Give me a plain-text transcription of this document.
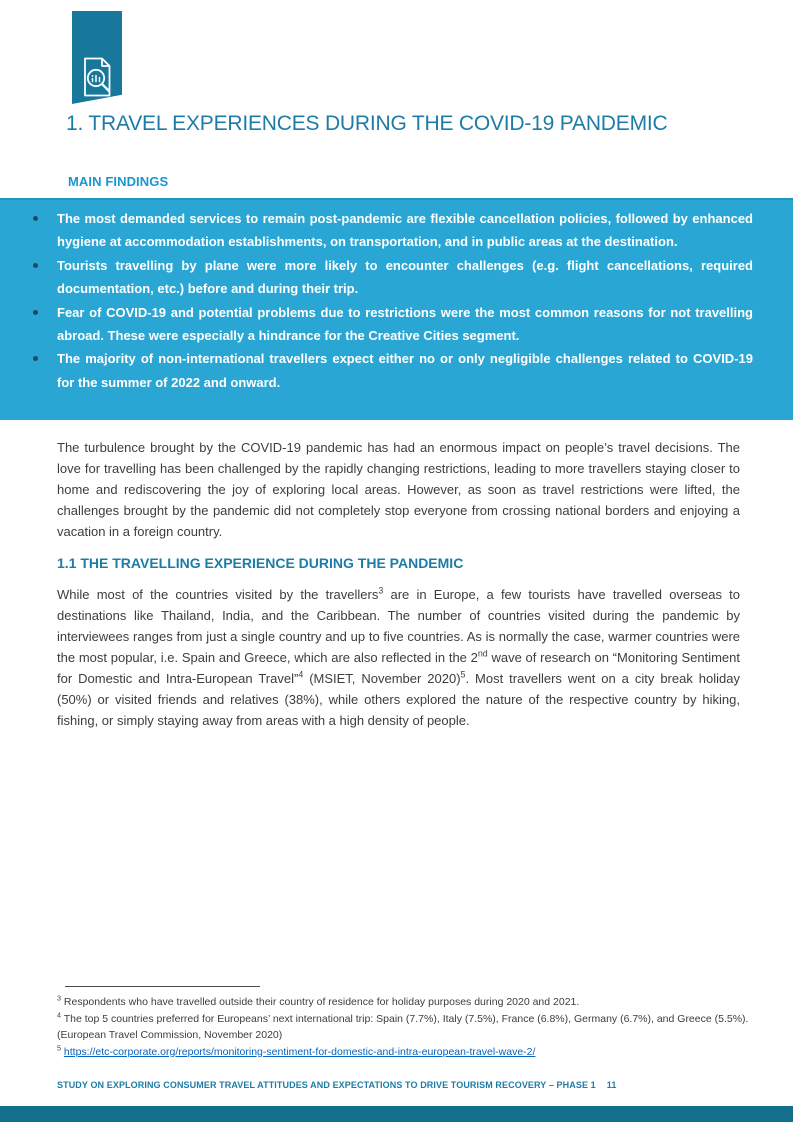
1. TRAVEL EXPERIENCES DURING THE COVID-19 PANDEMIC
MAIN FINDINGS
The most demanded services to remain post-pandemic are flexible cancellation policies, followed by enhanced hygiene at accommodation establishments, on transportation, and in public areas at the destination.
Tourists travelling by plane were more likely to encounter challenges (e.g. flight cancellations, required documentation, etc.) before and during their trip.
Fear of COVID-19 and potential problems due to restrictions were the most common reasons for not travelling abroad. These were especially a hindrance for the Creative Cities segment.
The majority of non-international travellers expect either no or only negligible challenges related to COVID-19 for the summer of 2022 and onward.

The turbulence brought by the COVID-19 pandemic has had an enormous impact on people’s travel decisions. The love for travelling has been challenged by the rapidly changing restrictions, leading to more travellers staying closer to home and rediscovering the joy of exploring local areas. However, as soon as travel restrictions were lifted, the challenges brought by the pandemic did not completely stop everyone from crossing national borders and enjoying a vacation in a foreign country.

1.1 THE TRAVELLING EXPERIENCE DURING THE PANDEMIC

While most of the countries visited by the travellers$^3$ are in Europe, a few tourists have travelled overseas to destinations like Thailand, India, and the Caribbean. The number of countries visited during the pandemic by interviewees ranges from just a single country and up to five countries. As is normally the case, warmer countries were the most popular, i.e. Spain and Greece, which are also reflected in the 2nd wave of research on “Monitoring Sentiment for Domestic and Intra-European Travel”$^4$ (MSIET, November 2020)$^5$. Most travellers went on a city break holiday (50%) or visited friends and relatives (38%), while others explored the nature of the respective country by hiking, fishing, or simply staying away from areas with a high density of people.

$^3$ Respondents who have travelled outside their country of residence for holiday purposes during 2020 and 2021.
$^4$ The top 5 countries preferred for Europeans’ next international trip: Spain (7.7%), Italy (7.5%), France (6.8%), Germany (6.7%), and Greece (5.5%). (European Travel Commission, November 2020)
$^5$ https://etc-corporate.org/reports/monitoring-sentiment-for-domestic-and-intra-european-travel-wave-2/
STUDY ON EXPLORING CONSUMER TRAVEL ATTITUDES AND EXPECTATIONS TO DRIVE TOURISM RECOVERY – PHASE 1 11
